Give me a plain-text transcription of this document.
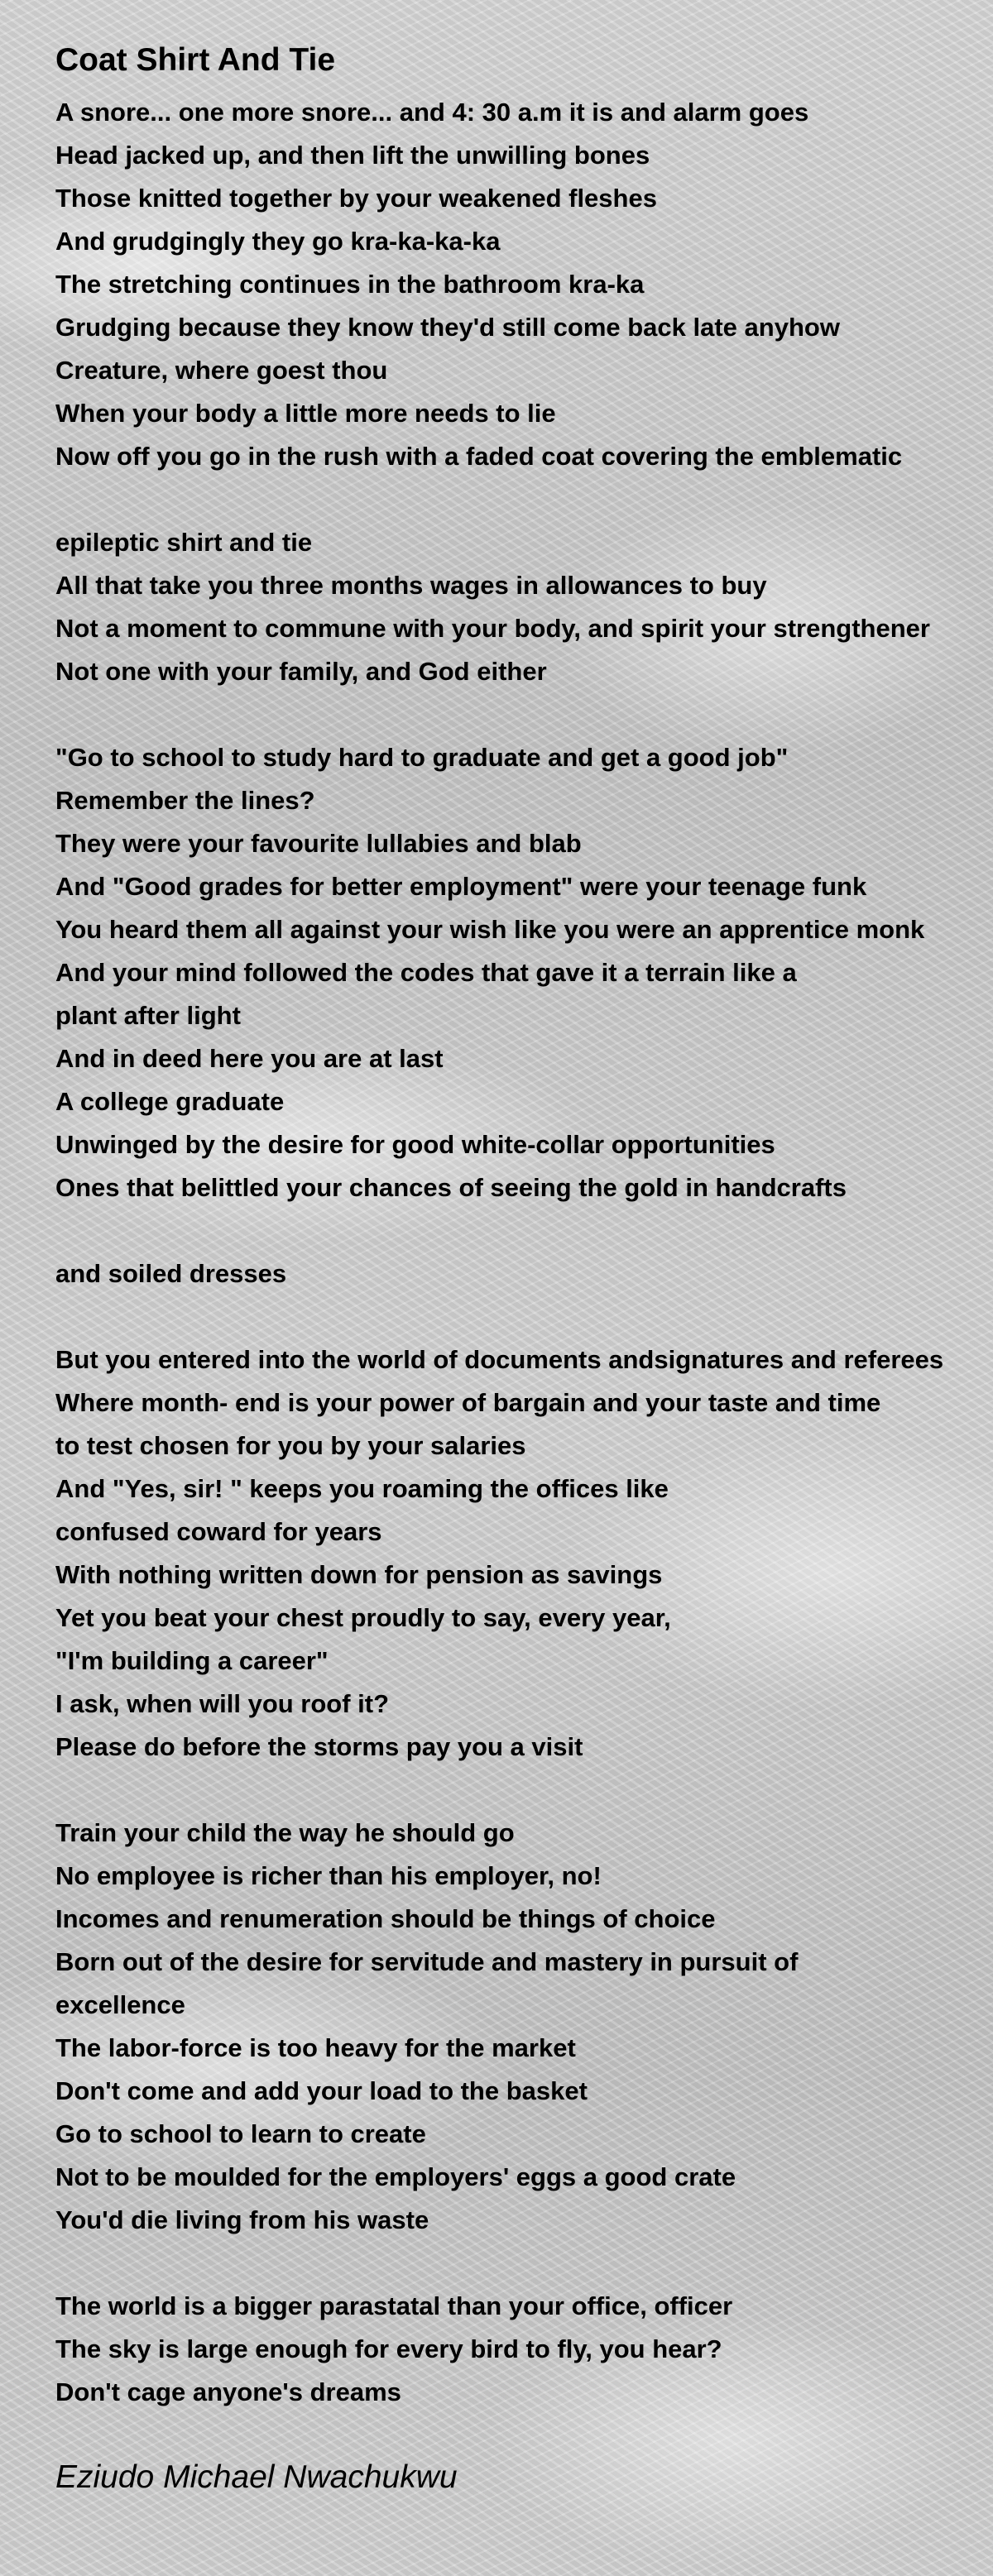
Coat Shirt And Tie
A snore... one more snore... and 4: 30 a.m it is and alarm goes
Head jacked up, and then lift the unwilling bones
Those knitted together by your weakened fleshes
And grudgingly they go kra-ka-ka-ka
The stretching continues in the bathroom kra-ka
Grudging because they know they'd still come back late anyhow
Creature, where goest thou
When your body a little more needs to lie
Now off you go in the rush with a faded coat covering the emblematic
epileptic shirt and tie
All that take you three months wages in allowances to buy
Not a moment to commune with your body, and spirit your strengthener
Not one with your family, and God either
"Go to school to study hard to graduate and get a good job"
Remember the lines?
They were your favourite lullabies and blab
And "Good grades for better employment" were your teenage funk
You heard them all against your wish like you were an apprentice monk
And your mind followed the codes that gave it a terrain like a
plant after light
And in deed here you are at last
A college graduate
Unwinged by the desire for good white-collar opportunities
Ones that belittled your chances of seeing the gold in handcrafts
and soiled dresses
But you entered into the world of documents andsignatures and referees
Where month- end is your power of bargain and your taste and time
to test chosen for you by your salaries
And "Yes, sir! " keeps you roaming the offices like
confused coward for years
With nothing written down for pension as savings
Yet you beat your chest proudly to say, every year,
"I'm building a career"
I ask, when will you roof it?
Please do before the storms pay you a visit
Train your child the way he should go
No employee is richer than his employer, no!
Incomes and renumeration should be things of choice
Born out of the desire for servitude and mastery in pursuit of
excellence
The labor-force is too heavy for the market
Don't come and add your load to the basket
Go to school to learn to create
Not to be moulded for the employers' eggs a good crate
You'd die living from his waste
The world is a bigger parastatal than your office, officer
The sky is large enough for every bird to fly, you hear?
Don't cage anyone's dreams
Eziudo Michael Nwachukwu
